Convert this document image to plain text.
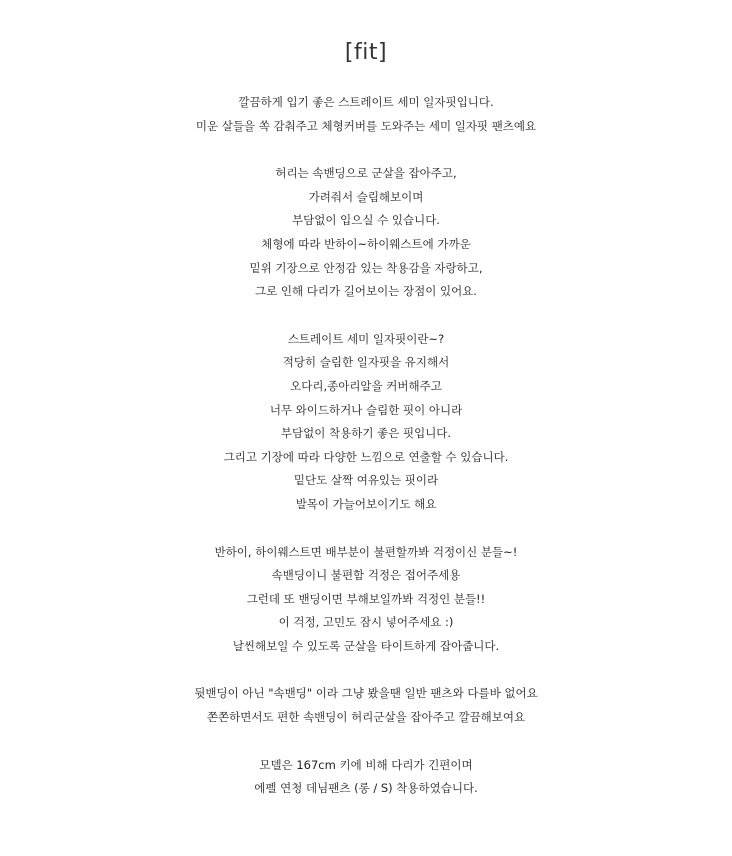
[fit]
깔끔하게 입기 좋은 스트레이트 세미 일자핏입니다.
미운 살들을 쏙 감춰주고 체형커버를 도와주는 세미 일자핏 팬츠예요
허리는 속밴딩으로 군살을 잡아주고,
가려줘서 슬림해보이며
부담없이 입으실 수 있습니다.
체형에 따라 반하이~하이웨스트에 가까운
밑위 기장으로 안정감 있는 착용감을 자랑하고,
그로 인해 다리가 길어보이는 장점이 있어요.
스트레이트 세미 일자핏이란~?
적당히 슬림한 일자핏을 유지해서
오다리,종아리알을 커버해주고
너무 와이드하거나 슬림한 핏이 아니라
부담없이 착용하기 좋은 핏입니다.
그리고 기장에 따라 다양한 느낌으로 연출할 수 있습니다.
밑단도 살짝 여유있는 핏이라
발목이 가늘어보이기도 해요
반하이, 하이웨스트면 배부분이 불편할까봐 걱정이신 분들~!
속밴딩이니 불편함 걱정은 접어주세용
그런데 또 밴딩이면 부해보일까봐 걱정인 분들!!
이 걱정, 고민도 잠시 넣어주세요 :)
날씬해보일 수 있도록 군살을 타이트하게 잡아줍니다.
뒷밴딩이 아닌 "속밴딩" 이라 그냥 봤을땐 일반 팬츠와 다를바 없어요
쫀쫀하면서도 편한 속밴딩이 허리군살을 잡아주고 깔끔해보여요
모델은 167cm 키에 비해 다리가 긴편이며
에펠 연청 데님팬츠 (롱 / S) 착용하였습니다.
